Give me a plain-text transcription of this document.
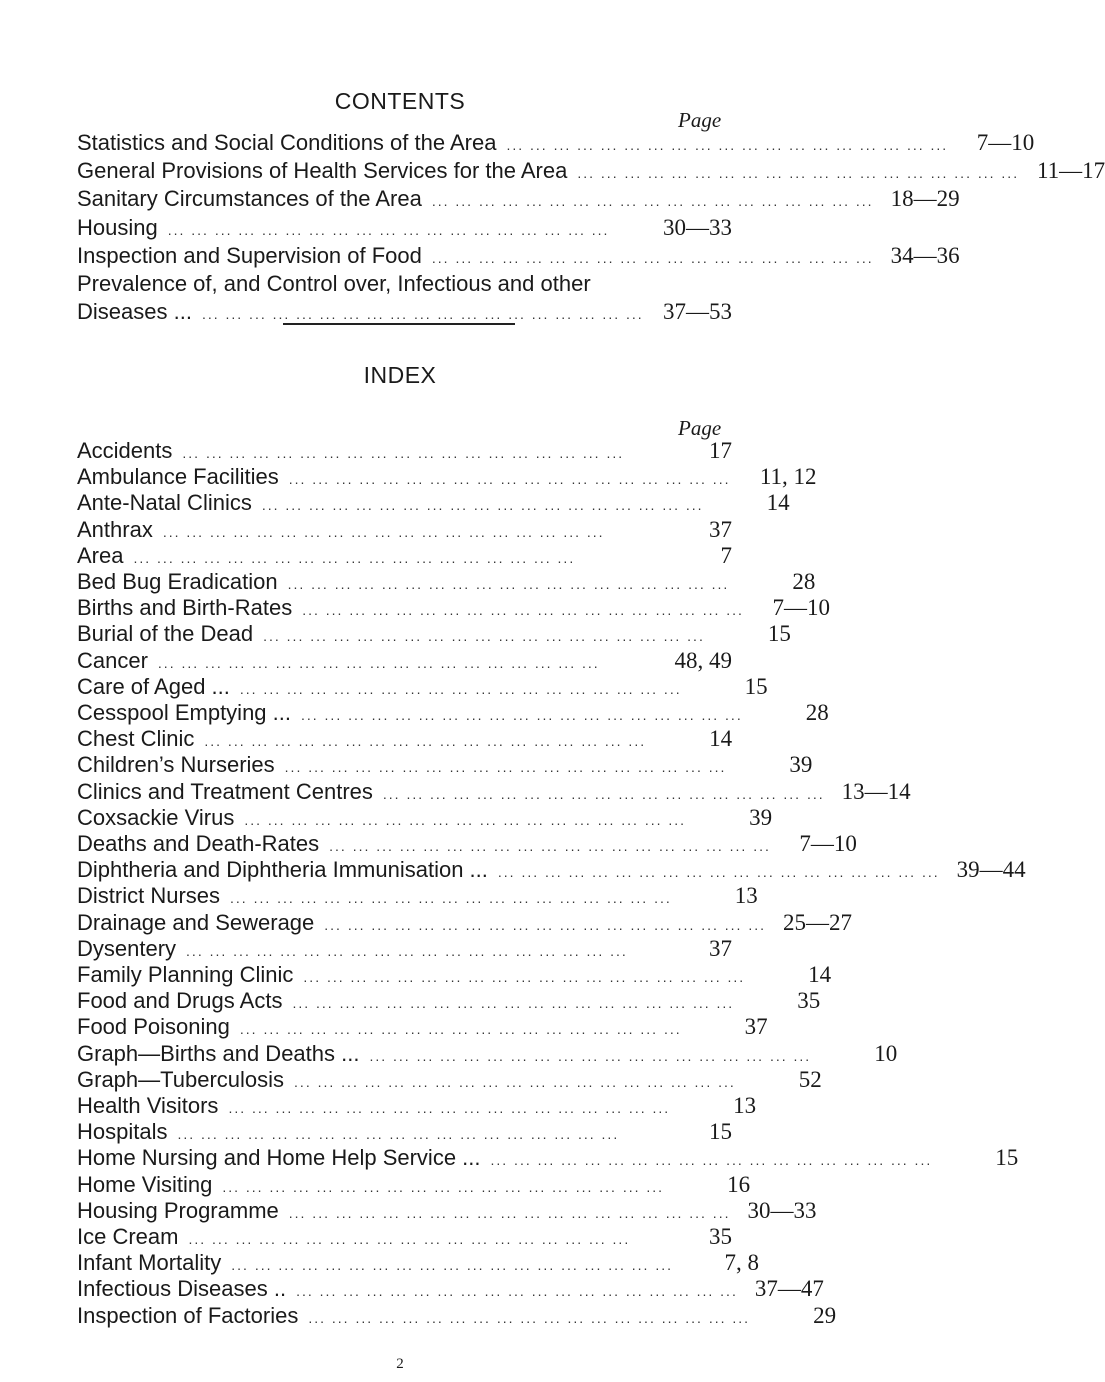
CONTENTS
Page
Statistics and Social Conditions of the Area ... ... ... ... ... ... ... ... ... ... ... ... ... ... ... ... ... ... ...	7—10
General Provisions of Health Services for the Area ... ... ... ... ... ... ... ... ... ... ... ... ... ... ... ... ... ... ... 11—17
Sanitary Circumstances of the Area ... ... ... ... ... ... ... ... ... ... ... ... ... ... ... ... ... ... ... 18—29
Housing ... ... ... ... ... ... ... ... ... ... ... ... ... ... ... ... ... ... ...	30—33
Inspection and Supervision of Food ... ... ... ... ... ... ... ... ... ... ... ... ... ... ... ... ... ... ... 34—36
Prevalence of, and Control over, Infectious and other
Diseases ... ... ... ... ... ... ... ... ... ... ... ... ... ... ... ... ... ... ... ... 37—53
INDEX
Page
Accidents ... ... ... ... ... ... ... ... ... ... ... ... ... ... ... ... ... ... ...	17
Ambulance Facilities ... ... ... ... ... ... ... ... ... ... ... ... ... ... ... ... ... ... ...	11, 12
Ante-Natal Clinics ... ... ... ... ... ... ... ... ... ... ... ... ... ... ... ... ... ... ...	14
Anthrax ... ... ... ... ... ... ... ... ... ... ... ... ... ... ... ... ... ... ...	37
Area ... ... ... ... ... ... ... ... ... ... ... ... ... ... ... ... ... ... ...	7
Bed Bug Eradication ... ... ... ... ... ... ... ... ... ... ... ... ... ... ... ... ... ... ...	28
Births and Birth-Rates ... ... ... ... ... ... ... ... ... ... ... ... ... ... ... ... ... ... ...	7—10
Burial of the Dead ... ... ... ... ... ... ... ... ... ... ... ... ... ... ... ... ... ... ...	15
Cancer ... ... ... ... ... ... ... ... ... ... ... ... ... ... ... ... ... ... ...	48, 49
Care of Aged ... ... ... ... ... ... ... ... ... ... ... ... ... ... ... ... ... ... ... ...	15
Cesspool Emptying ... ... ... ... ... ... ... ... ... ... ... ... ... ... ... ... ... ... ... ...	28
Chest Clinic ... ... ... ... ... ... ... ... ... ... ... ... ... ... ... ... ... ... ...	14
Children’s Nurseries ... ... ... ... ... ... ... ... ... ... ... ... ... ... ... ... ... ... ...	39
Clinics and Treatment Centres ... ... ... ... ... ... ... ... ... ... ... ... ... ... ... ... ... ... ... 13—14
Coxsackie Virus ... ... ... ... ... ... ... ... ... ... ... ... ... ... ... ... ... ... ...	39
Deaths and Death-Rates ... ... ... ... ... ... ... ... ... ... ... ... ... ... ... ... ... ... ...	7—10
Diphtheria and Diphtheria Immunisation ... ... ... ... ... ... ... ... ... ... ... ... ... ... ... ... ... ... ... ... 39—44
District Nurses ... ... ... ... ... ... ... ... ... ... ... ... ... ... ... ... ... ... ...	13
Drainage and Sewerage ... ... ... ... ... ... ... ... ... ... ... ... ... ... ... ... ... ... ... 25—27
Dysentery ... ... ... ... ... ... ... ... ... ... ... ... ... ... ... ... ... ... ...	37
Family Planning Clinic ... ... ... ... ... ... ... ... ... ... ... ... ... ... ... ... ... ... ...	14
Food and Drugs Acts ... ... ... ... ... ... ... ... ... ... ... ... ... ... ... ... ... ... ...	35
Food Poisoning ... ... ... ... ... ... ... ... ... ... ... ... ... ... ... ... ... ... ...	37
Graph—Births and Deaths ... ... ... ... ... ... ... ... ... ... ... ... ... ... ... ... ... ... ... ...	10
Graph—Tuberculosis ... ... ... ... ... ... ... ... ... ... ... ... ... ... ... ... ... ... ...	52
Health Visitors ... ... ... ... ... ... ... ... ... ... ... ... ... ... ... ... ... ... ...	13
Hospitals ... ... ... ... ... ... ... ... ... ... ... ... ... ... ... ... ... ... ...	15
Home Nursing and Home Help Service ... ... ... ... ... ... ... ... ... ... ... ... ... ... ... ... ... ... ... ...	15
Home Visiting ... ... ... ... ... ... ... ... ... ... ... ... ... ... ... ... ... ... ...	16
Housing Programme ... ... ... ... ... ... ... ... ... ... ... ... ... ... ... ... ... ... ... 30—33
Ice Cream ... ... ... ... ... ... ... ... ... ... ... ... ... ... ... ... ... ... ...	35
Infant Mortality ... ... ... ... ... ... ... ... ... ... ... ... ... ... ... ... ... ... ...	7, 8
Infectious Diseases .. ... ... ... ... ... ... ... ... ... ... ... ... ... ... ... ... ... ... ... 37—47
Inspection of Factories ... ... ... ... ... ... ... ... ... ... ... ... ... ... ... ... ... ... ...	29
2
